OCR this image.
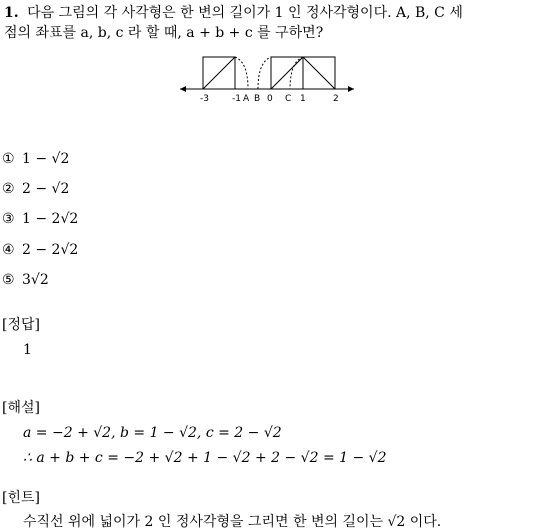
1. 다음 그림의 각 사각형은 한 변의 길이가 1 인 정사각형이다. A, B, C 세
점의 좌표를 a, b, c 라 할 때, a + b + c 를 구하면?
-3	-1 A B 0 C 1	2
① 1 − √2
② 2 − √2
③ 1 − 2√2
④ 2 − 2√2
⑤ 3√2
[정답]
1
[해설]
a = −2 + √2, b = 1 − √2, c = 2 − √2
∴ a + b + c = −2 + √2 + 1 − √2 + 2 − √2 = 1 − √2
[힌트]
수직선 위에 넓이가 2 인 정사각형을 그리면 한 변의 길이는 √2 이다.
